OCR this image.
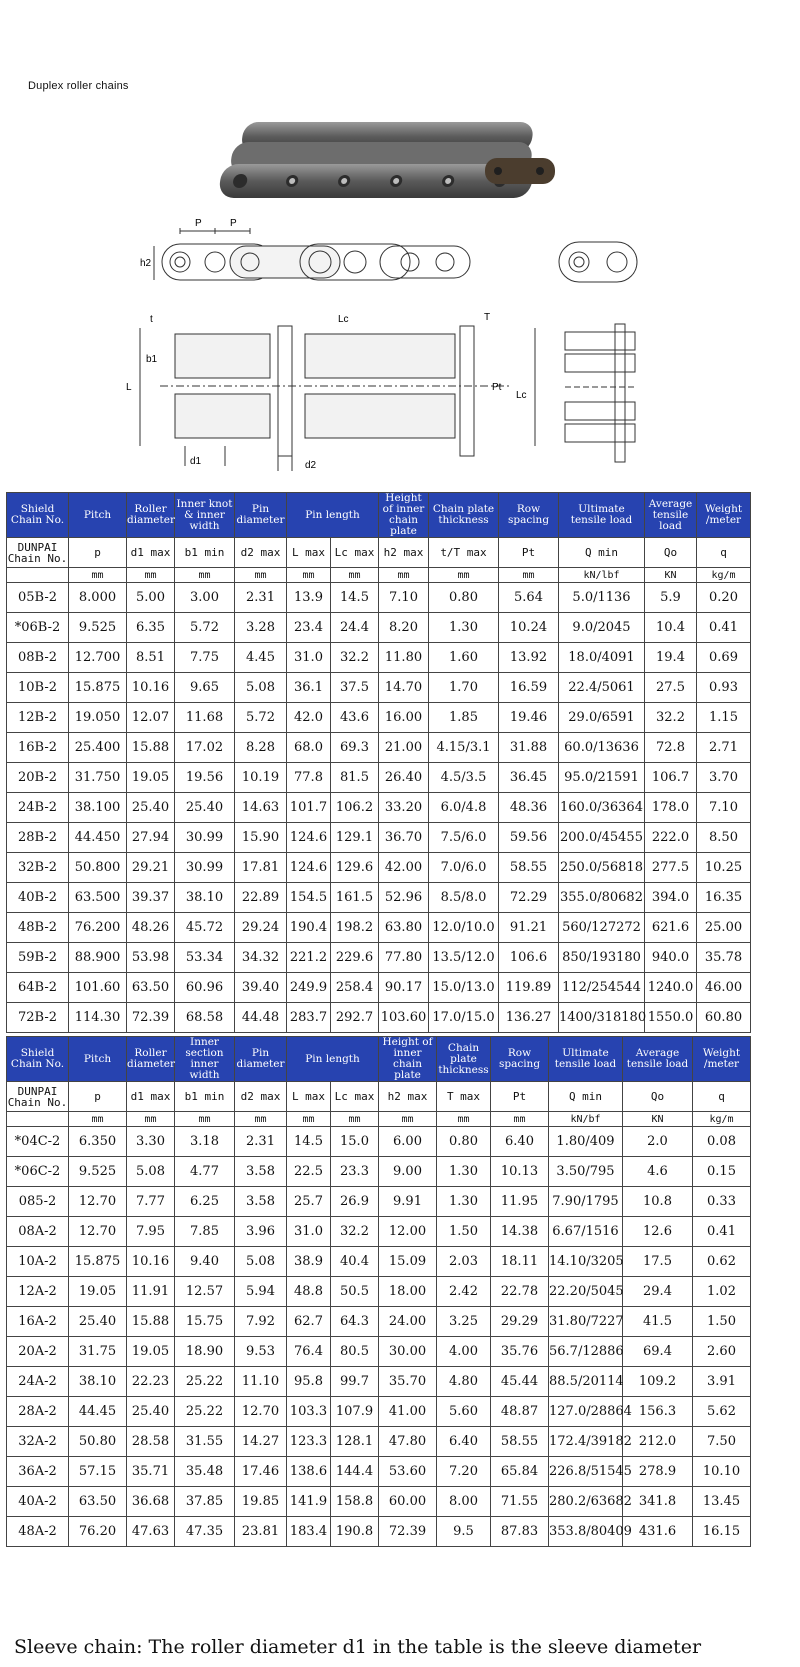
Duplex roller chains
P	P
h2
t
b1
Lc	T
L	Pt
Lc
d1	d2
Shield Chain No.	Pitch	Roller diameter	Inner knot & inner width	Pin diameter	Pin length		Height of inner chain plate	Chain plate thickness	Row spacing	Ultimate tensile load	Average tensile load	Weight /meter
DUNPAI Chain No.	p	d1 max	b1 min	d2 max	L max	Lc max	h2 max	t/T max	Pt	Q min	Qo	q
	mm	mm	mm	mm	mm	mm	mm	mm	mm	kN/lbf	KN	kg/m
05B-2	8.000	5.00	3.00	2.31	13.9	14.5	7.10	0.80	5.64	5.0/1136	5.9	0.20
*06B-2	9.525	6.35	5.72	3.28	23.4	24.4	8.20	1.30	10.24	9.0/2045	10.4	0.41
08B-2	12.700	8.51	7.75	4.45	31.0	32.2	11.80	1.60	13.92	18.0/4091	19.4	0.69
10B-2	15.875	10.16	9.65	5.08	36.1	37.5	14.70	1.70	16.59	22.4/5061	27.5	0.93
12B-2	19.050	12.07	11.68	5.72	42.0	43.6	16.00	1.85	19.46	29.0/6591	32.2	1.15
16B-2	25.400	15.88	17.02	8.28	68.0	69.3	21.00	4.15/3.1	31.88	60.0/13636	72.8	2.71
20B-2	31.750	19.05	19.56	10.19	77.8	81.5	26.40	4.5/3.5	36.45	95.0/21591	106.7	3.70
24B-2	38.100	25.40	25.40	14.63	101.7	106.2	33.20	6.0/4.8	48.36	160.0/36364	178.0	7.10
28B-2	44.450	27.94	30.99	15.90	124.6	129.1	36.70	7.5/6.0	59.56	200.0/45455	222.0	8.50
32B-2	50.800	29.21	30.99	17.81	124.6	129.6	42.00	7.0/6.0	58.55	250.0/56818	277.5	10.25
40B-2	63.500	39.37	38.10	22.89	154.5	161.5	52.96	8.5/8.0	72.29	355.0/80682	394.0	16.35
48B-2	76.200	48.26	45.72	29.24	190.4	198.2	63.80	12.0/10.0	91.21	560/127272	621.6	25.00
59B-2	88.900	53.98	53.34	34.32	221.2	229.6	77.80	13.5/12.0	106.6	850/193180	940.0	35.78
64B-2	101.60	63.50	60.96	39.40	249.9	258.4	90.17	15.0/13.0	119.89	112/254544	1240.0	46.00
72B-2	114.30	72.39	68.58	44.48	283.7	292.7	103.60	17.0/15.0	136.27	1400/318180	1550.0	60.80
Shield Chain No.	Pitch	Roller diameter	Inner section inner width	Pin diameter	Pin length		Height of inner chain plate	Chain plate thickness	Row spacing	Ultimate tensile load	Average tensile load	Weight /meter
DUNPAI Chain No.	p	d1 max	b1 min	d2 max	L max	Lc max	h2 max	T max	Pt	Q min	Qo	q
	mm	mm	mm	mm	mm	mm	mm	mm	mm	kN/bf	KN	kg/m
*04C-2	6.350	3.30	3.18	2.31	14.5	15.0	6.00	0.80	6.40	1.80/409	2.0	0.08
*06C-2	9.525	5.08	4.77	3.58	22.5	23.3	9.00	1.30	10.13	3.50/795	4.6	0.15
085-2	12.70	7.77	6.25	3.58	25.7	26.9	9.91	1.30	11.95	7.90/1795	10.8	0.33
08A-2	12.70	7.95	7.85	3.96	31.0	32.2	12.00	1.50	14.38	6.67/1516	12.6	0.41
10A-2	15.875	10.16	9.40	5.08	38.9	40.4	15.09	2.03	18.11	14.10/3205	17.5	0.62
12A-2	19.05	11.91	12.57	5.94	48.8	50.5	18.00	2.42	22.78	22.20/5045	29.4	1.02
16A-2	25.40	15.88	15.75	7.92	62.7	64.3	24.00	3.25	29.29	31.80/7227	41.5	1.50
20A-2	31.75	19.05	18.90	9.53	76.4	80.5	30.00	4.00	35.76	56.7/12886	69.4	2.60
24A-2	38.10	22.23	25.22	11.10	95.8	99.7	35.70	4.80	45.44	88.5/20114	109.2	3.91
28A-2	44.45	25.40	25.22	12.70	103.3	107.9	41.00	5.60	48.87	127.0/28864	156.3	5.62
32A-2	50.80	28.58	31.55	14.27	123.3	128.1	47.80	6.40	58.55	172.4/39182	212.0	7.50
36A-2	57.15	35.71	35.48	17.46	138.6	144.4	53.60	7.20	65.84	226.8/51545	278.9	10.10
40A-2	63.50	36.68	37.85	19.85	141.9	158.8	60.00	8.00	71.55	280.2/63682	341.8	13.45
48A-2	76.20	47.63	47.35	23.81	183.4	190.8	72.39	9.5	87.83	353.8/80409	431.6	16.15
Sleeve chain: The roller diameter d1 in the table is the sleeve diameter
